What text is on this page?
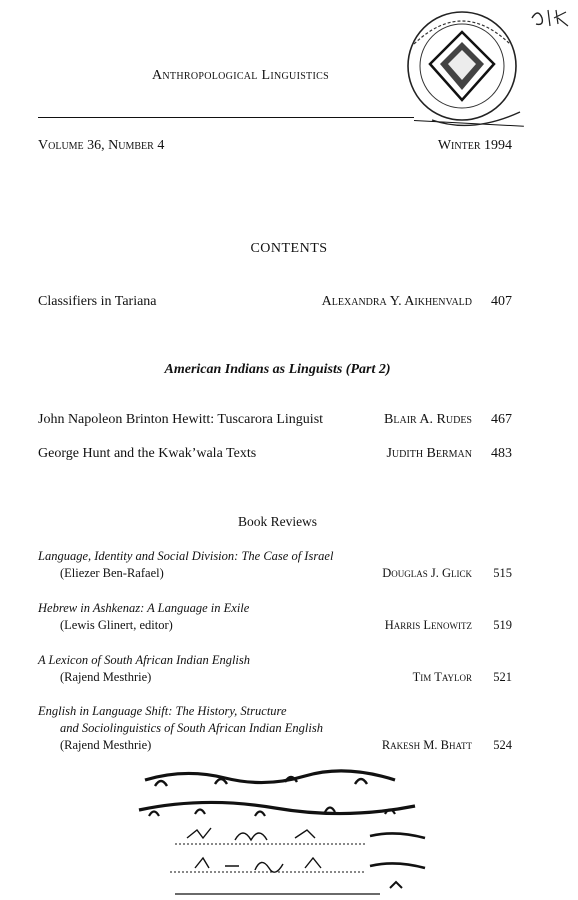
Anthropological Linguistics
Volume 36, Number 4	Winter 1994
CONTENTS
Classifiers in Tariana	Alexandra Y. Aikhenvald 407
American Indians as Linguists (Part 2)
John Napoleon Brinton Hewitt: Tuscarora Linguist	Blair A. Rudes 467
George Hunt and the Kwak’wala Texts	Judith Berman 483
Book Reviews
Language, Identity and Social Division: The Case of Israel
(Eliezer Ben-Rafael)	Douglas J. Glick 515
Hebrew in Ashkenaz: A Language in Exile
(Lewis Glinert, editor)	Harris Lenowitz 519
A Lexicon of South African Indian English
(Rajend Mesthrie)	Tim Taylor 521
English in Language Shift: The History, Structure
and Sociolinguistics of South African Indian English
(Rajend Mesthrie)	Rakesh M. Bhatt 524
